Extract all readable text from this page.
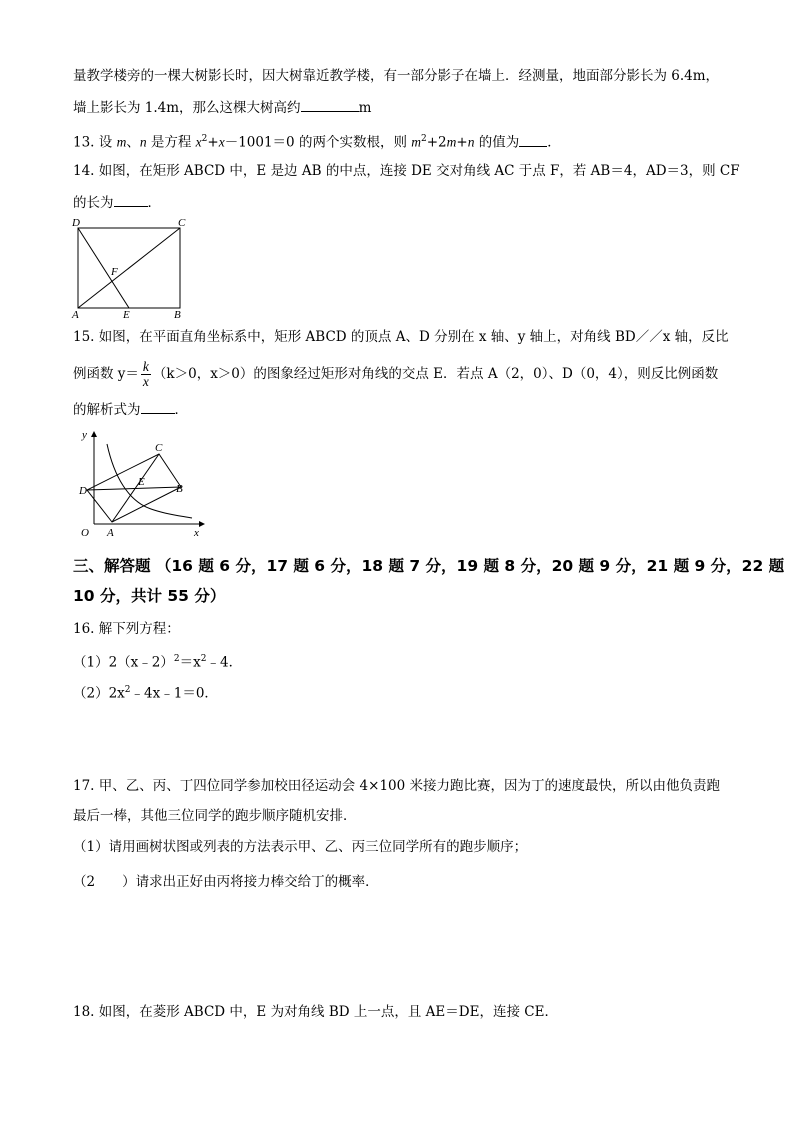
量教学楼旁的一棵大树影长时，因大树靠近教学楼，有一部分影子在墙上．经测量，地面部分影长为 6.4m，
墙上影长为 1.4m，那么这棵大树高约	m
13. 设 m、n 是方程 $x^2+x-1001=0$ 的两个实数根，则 $m^2+2m+n$ 的值为 ．
14. 如图，在矩形 ABCD 中，E 是边 AB 的中点，连接 DE 交对角线 AC 于点 F，若 AB＝4，AD＝3，则 CF
的长为	．
D	C
F
A	E	B
15. 如图，在平面直角坐标系中，矩形 ABCD 的顶点 A、D 分别在 x 轴、y 轴上，对角线 BD／／x 轴，反比
例函数 $y= \frac{k}{x} (k>0$，x＞0）的图象经过矩形对角线的交点 E．若点 A（2，0）、D（0，4），则反比例函数
的解析式为	．
y
C
D
E
B
O A	x
三、解答题 （16 题 6 分，17 题 6 分，18 题 7 分，19 题 8 分，20 题 9 分，21 题 9 分，22 题
10 分，共计 55 分）
16. 解下列方程：
$(1)2(x﹣2)^2=x^2﹣4$．
$(2)2x^2﹣4x﹣1=0$．
17. 甲、乙、丙、丁四位同学参加校田径运动会 4×100 米接力跑比赛，因为丁的速度最快，所以由他负责跑
最后一棒，其他三位同学的跑步顺序随机安排．
（1）请用画树状图或列表的方法表示甲、乙、丙三位同学所有的跑步顺序；
（2　　）请求出正好由丙将接力棒交给丁的概率．
18. 如图，在菱形 ABCD 中，E 为对角线 BD 上一点，且 AE＝DE，连接 CE．
